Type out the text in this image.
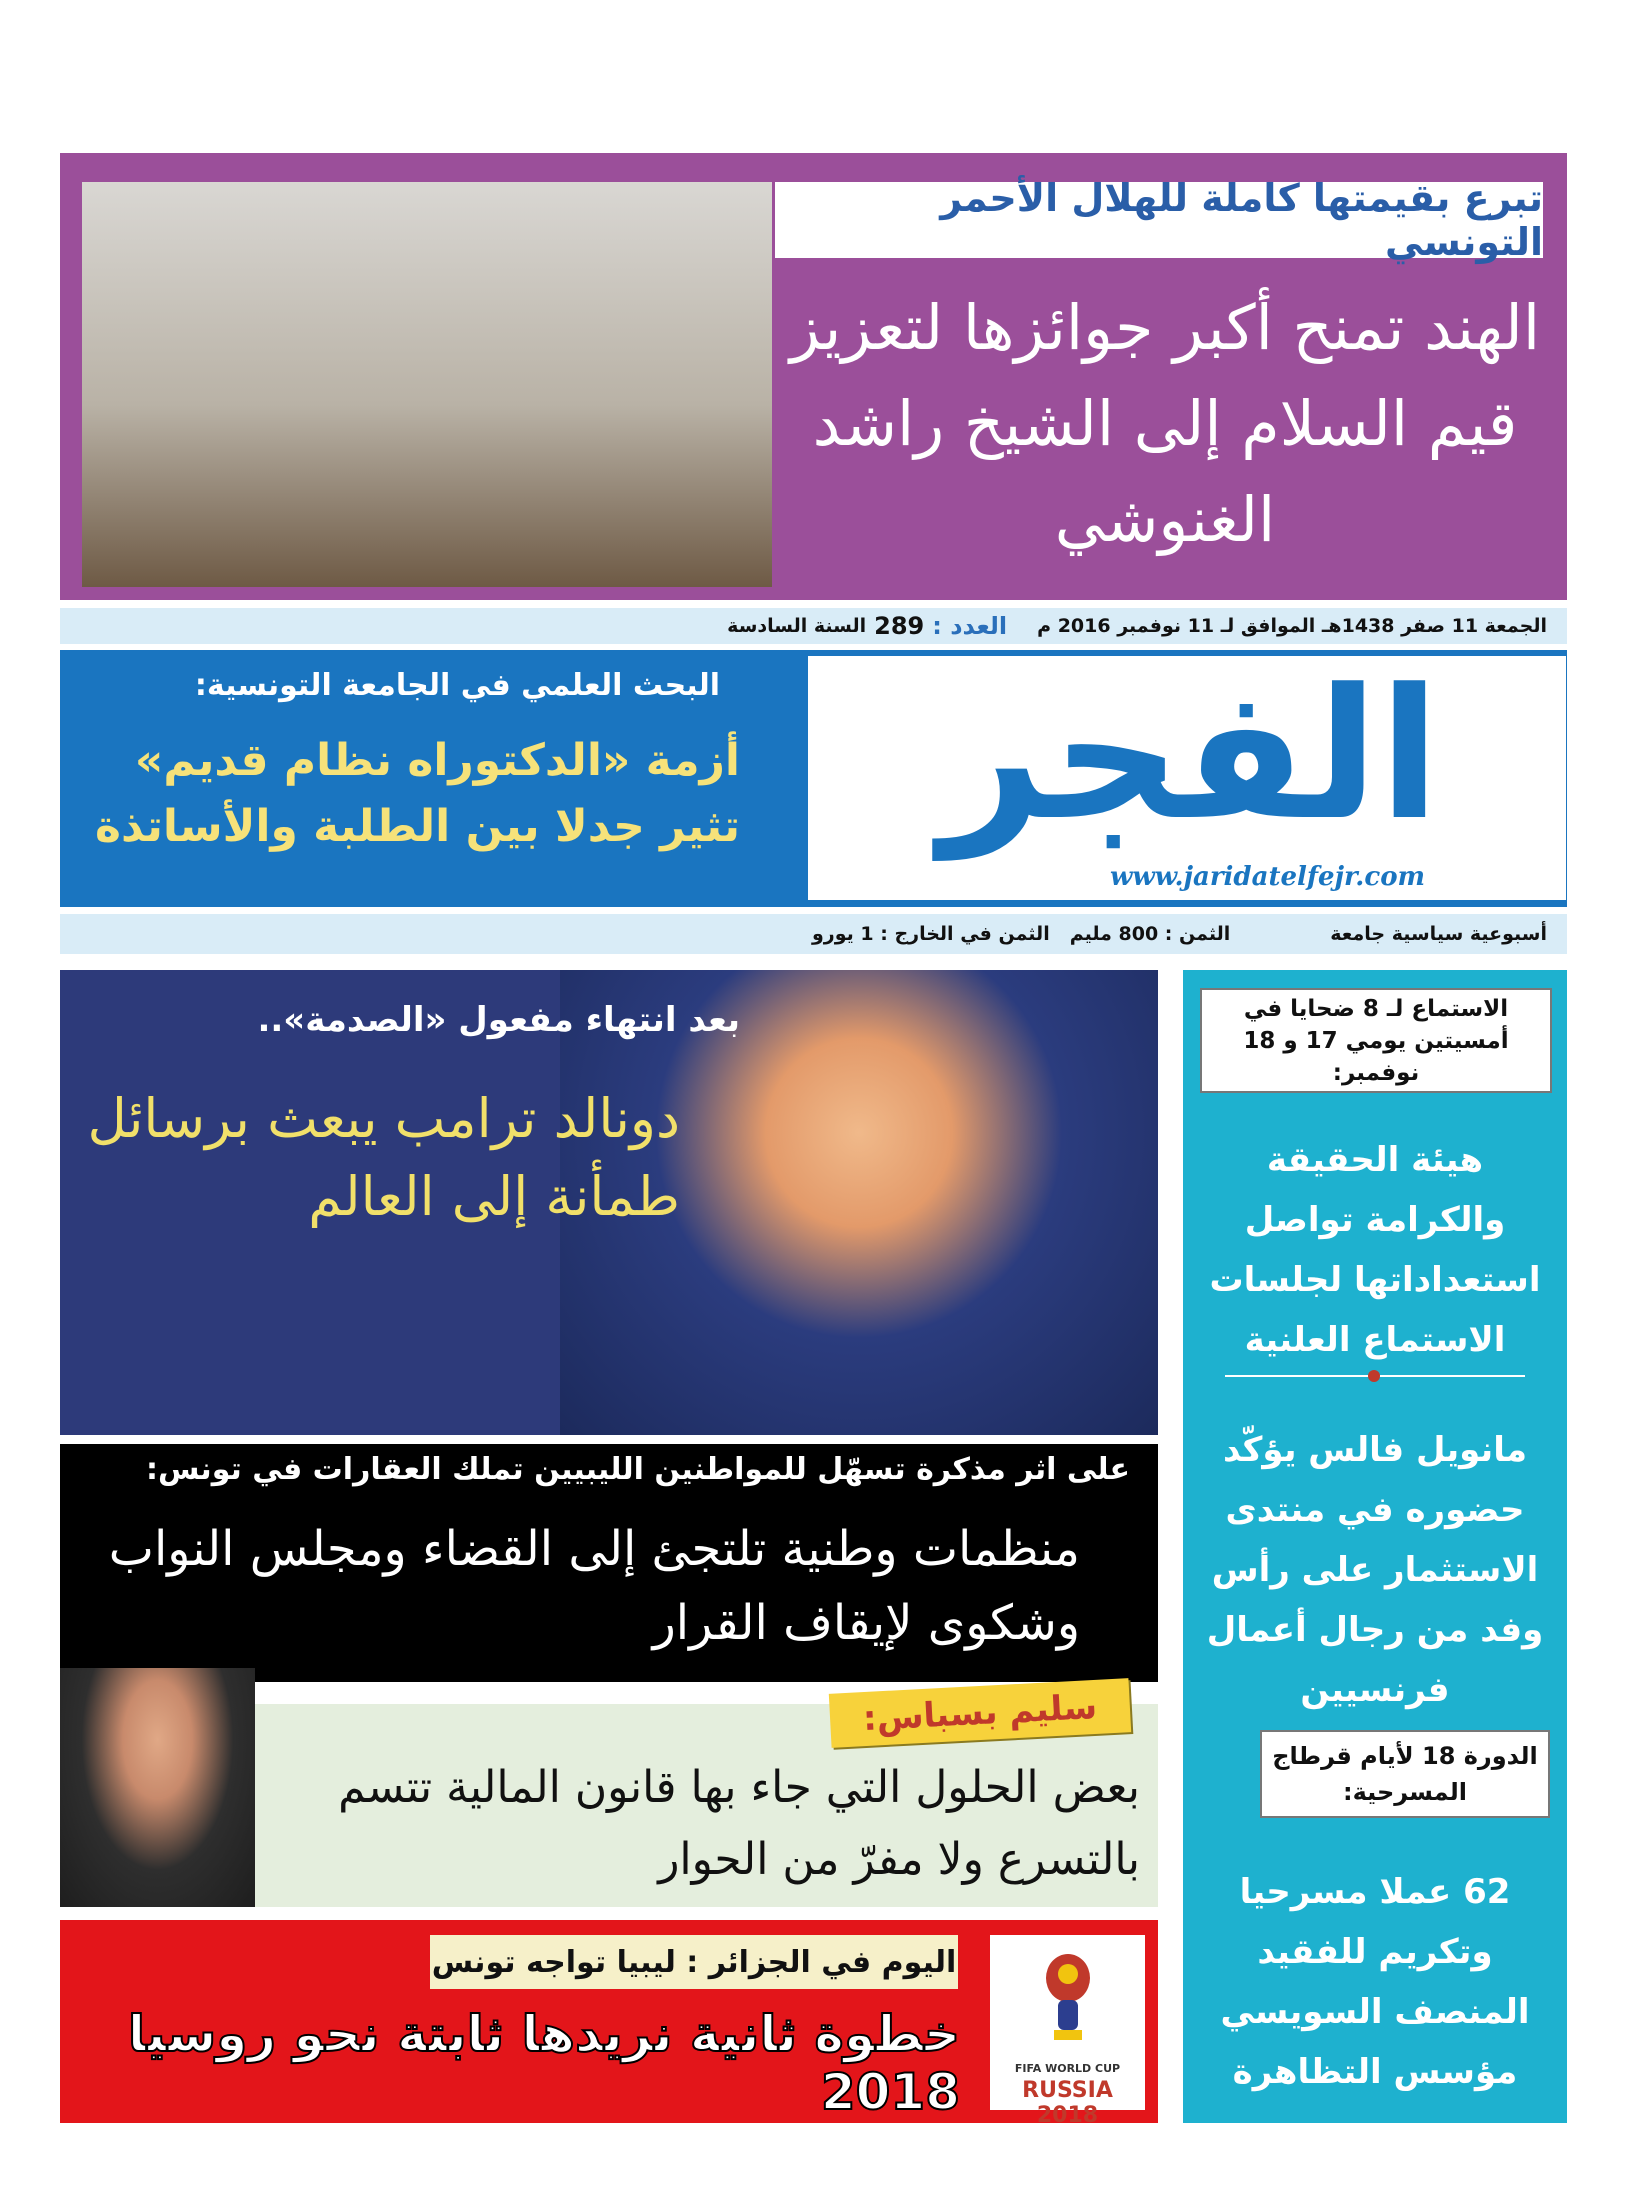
تبرع بقيمتها كاملة للهلال الأحمر التونسي
الهند تمنح أكبر جوائزها لتعزيز قيم السلام إلى الشيخ راشد الغنوشي
الجمعة 11 صفر 1438هـ الموافق لـ 11 نوفمبر 2016 م
العدد :
289
السنة السادسة
الفجر
www.jaridatelfejr.com
البحث العلمي في الجامعة التونسية:
أزمة «الدكتوراه نظام قديم» تثير جدلا بين الطلبة والأساتذة
أسبوعية سياسية جامعة
الثمن : 800 مليم
الثمن في الخارج : 1 يورو
بعد انتهاء مفعول «الصدمة»..
دونالد ترامب يبعث برسائل طمأنة إلى العالم
على اثر مذكرة تسهّل للمواطنين الليبيين تملك العقارات في تونس:
منظمات وطنية تلتجئ إلى القضاء ومجلس النواب وشكوى لإيقاف القرار
سليم بسباس:
بعض الحلول التي جاء بها قانون المالية تتسم بالتسرع ولا مفرّ من الحوار
FIFA WORLD CUP
RUSSIA 2018
اليوم في الجزائر : ليبيا تواجه تونس
خطوة ثانية نريدها ثابتة نحو روسيا 2018
الاستماع لـ 8 ضحايا في أمسيتين يومي 17 و 18 نوفمبر:
هيئة الحقيقة والكرامة تواصل استعداداتها لجلسات الاستماع العلنية
مانويل فالس يؤكّد حضوره في منتدى الاستثمار على رأس وفد من رجال أعمال فرنسيين
الدورة 18 لأيام قرطاج المسرحية:
62 عملا مسرحيا وتكريم للفقيد المنصف السويسي مؤسس التظاهرة
